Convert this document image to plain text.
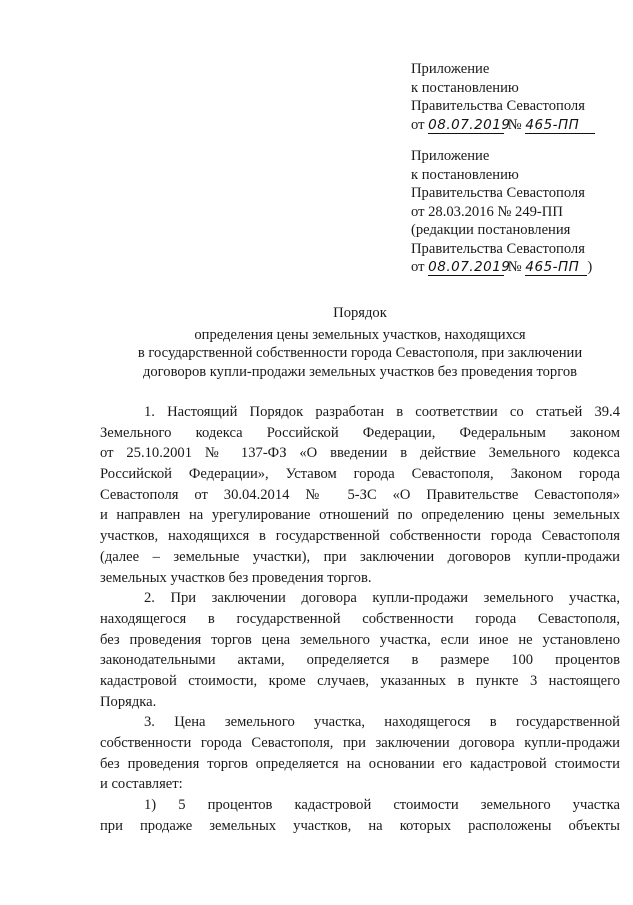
Приложение
к постановлению
Правительства Севастополя
от 08.07.2019 № 465-ПП
Приложение
к постановлению
Правительства Севастополя
от 28.03.2016 № 249-ПП
(редакции постановления
Правительства Севастополя
от 08.07.2019 № 465-ПП )
Порядок
определения цены земельных участков, находящихся
в государственной собственности города Севастополя, при заключении
договоров купли-продажи земельных участков без проведения торгов
1. Настоящий Порядок разработан в соответствии со статьей 39.4
Земельного кодекса Российской Федерации, Федеральным законом
от 25.10.2001 № 137-ФЗ «О введении в действие Земельного кодекса
Российской Федерации», Уставом города Севастополя, Законом города
Севастополя от 30.04.2014 № 5-ЗС «О Правительстве Севастополя»
и направлен на урегулирование отношений по определению цены земельных
участков, находящихся в государственной собственности города Севастополя
(далее – земельные участки), при заключении договоров купли-продажи
земельных участков без проведения торгов.
2. При заключении договора купли-продажи земельного участка,
находящегося в государственной собственности города Севастополя,
без проведения торгов цена земельного участка, если иное не установлено
законодательными актами, определяется в размере 100 процентов
кадастровой стоимости, кроме случаев, указанных в пункте 3 настоящего
Порядка.
3. Цена земельного участка, находящегося в государственной
собственности города Севастополя, при заключении договора купли-продажи
без проведения торгов определяется на основании его кадастровой стоимости
и составляет:
1) 5 процентов кадастровой стоимости земельного участка
при продаже земельных участков, на которых расположены объекты
